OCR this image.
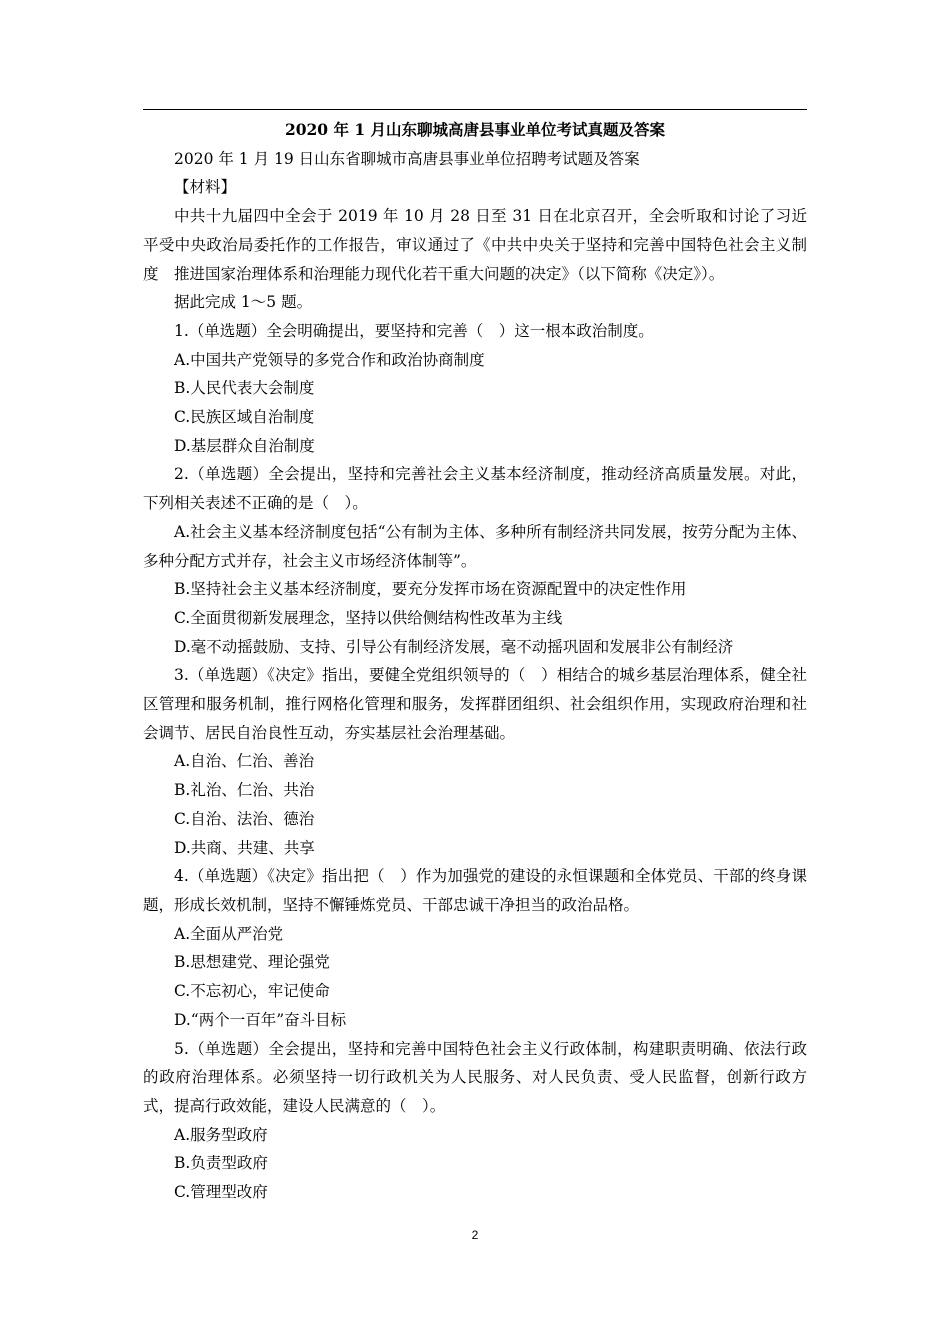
2020 年 1 月山东聊城高唐县事业单位考试真题及答案

2020 年 1 月 19 日山东省聊城市高唐县事业单位招聘考试题及答案

【材料】

中共十九届四中全会于 2019 年 10 月 28 日至 31 日在北京召开，全会听取和讨论了习近平受中央政治局委托作的工作报告，审议通过了《中共中央关于坚持和完善中国特色社会主义制度　推进国家治理体系和治理能力现代化若干重大问题的决定》（以下简称《决定》）。

据此完成 1～5 题。

1.（单选题）全会明确提出，要坚持和完善（　）这一根本政治制度。

A.中国共产党领导的多党合作和政治协商制度

B.人民代表大会制度

C.民族区域自治制度

D.基层群众自治制度

2.（单选题）全会提出，坚持和完善社会主义基本经济制度，推动经济高质量发展。对此，下列相关表述不正确的是（　）。

A.社会主义基本经济制度包括“公有制为主体、多种所有制经济共同发展，按劳分配为主体、多种分配方式并存，社会主义市场经济体制等”。

B.坚持社会主义基本经济制度，要充分发挥市场在资源配置中的决定性作用

C.全面贯彻新发展理念，坚持以供给侧结构性改革为主线

D.毫不动摇鼓励、支持、引导公有制经济发展，毫不动摇巩固和发展非公有制经济

3.（单选题）《决定》指出，要健全党组织领导的（　）相结合的城乡基层治理体系，健全社区管理和服务机制，推行网格化管理和服务，发挥群团组织、社会组织作用，实现政府治理和社会调节、居民自治良性互动，夯实基层社会治理基础。

A.自治、仁治、善治

B.礼治、仁治、共治

C.自治、法治、德治

D.共商、共建、共享

4.（单选题）《决定》指出把（　）作为加强党的建设的永恒课题和全体党员、干部的终身课题，形成长效机制，坚持不懈锤炼党员、干部忠诚干净担当的政治品格。

A.全面从严治党

B.思想建党、理论强党

C.不忘初心，牢记使命

D.“两个一百年”奋斗目标

5.（单选题）全会提出，坚持和完善中国特色社会主义行政体制，构建职责明确、依法行政的政府治理体系。必须坚持一切行政机关为人民服务、对人民负责、受人民监督，创新行政方式，提高行政效能，建设人民满意的（　）。

A.服务型政府

B.负责型政府

C.管理型改府

2
